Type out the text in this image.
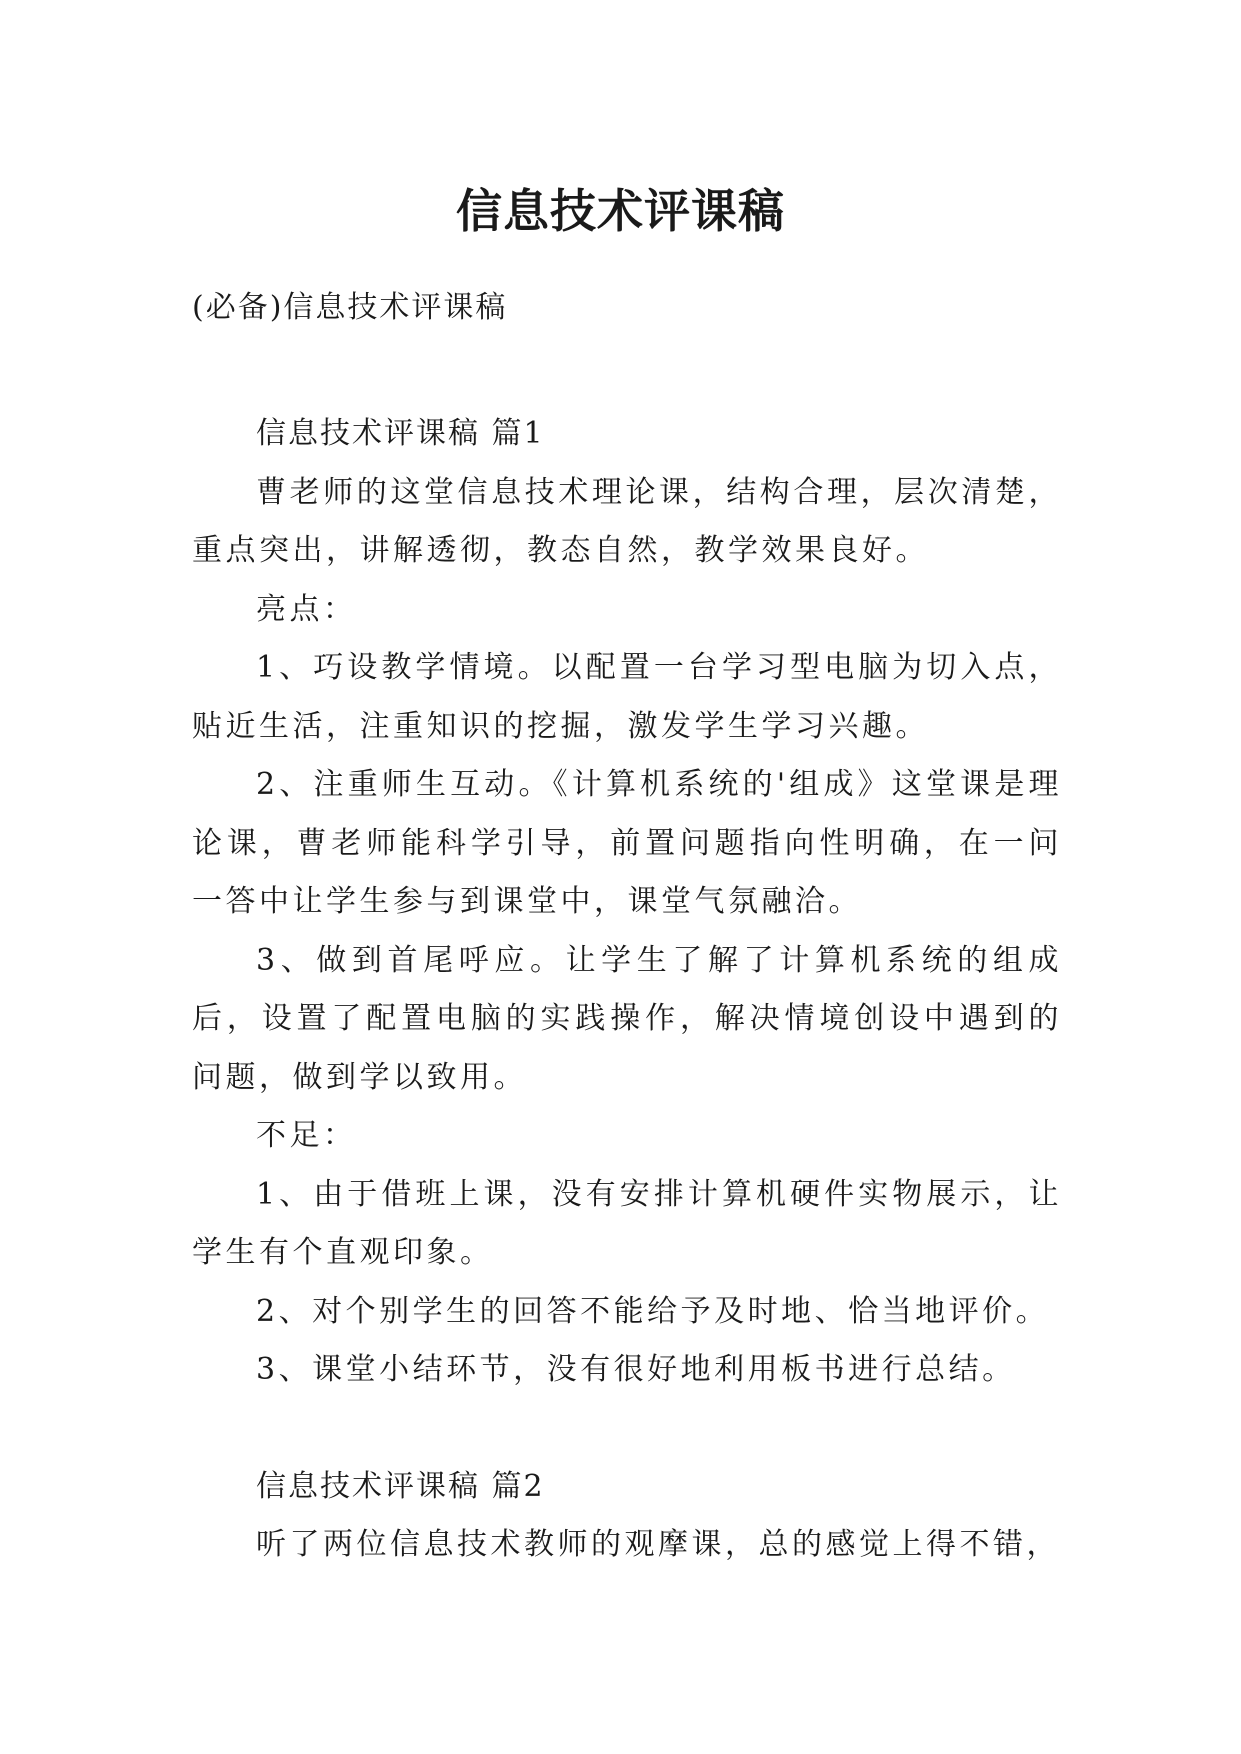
信息技术评课稿
(必备)信息技术评课稿

信息技术评课稿 篇1

曹老师的这堂信息技术理论课，结构合理，层次清楚，重点突出，讲解透彻，教态自然，教学效果良好。

亮点：

1、巧设教学情境。以配置一台学习型电脑为切入点，贴近生活，注重知识的挖掘，激发学生学习兴趣。

2、注重师生互动。《计算机系统的'组成》这堂课是理论课，曹老师能科学引导，前置问题指向性明确，在一问一答中让学生参与到课堂中，课堂气氛融洽。

3、做到首尾呼应。让学生了解了计算机系统的组成后，设置了配置电脑的实践操作，解决情境创设中遇到的问题，做到学以致用。

不足：

1、由于借班上课，没有安排计算机硬件实物展示，让学生有个直观印象。

2、对个别学生的回答不能给予及时地、恰当地评价。

3、课堂小结环节，没有很好地利用板书进行总结。

信息技术评课稿 篇2

听了两位信息技术教师的观摩课，总的感觉上得不错，
